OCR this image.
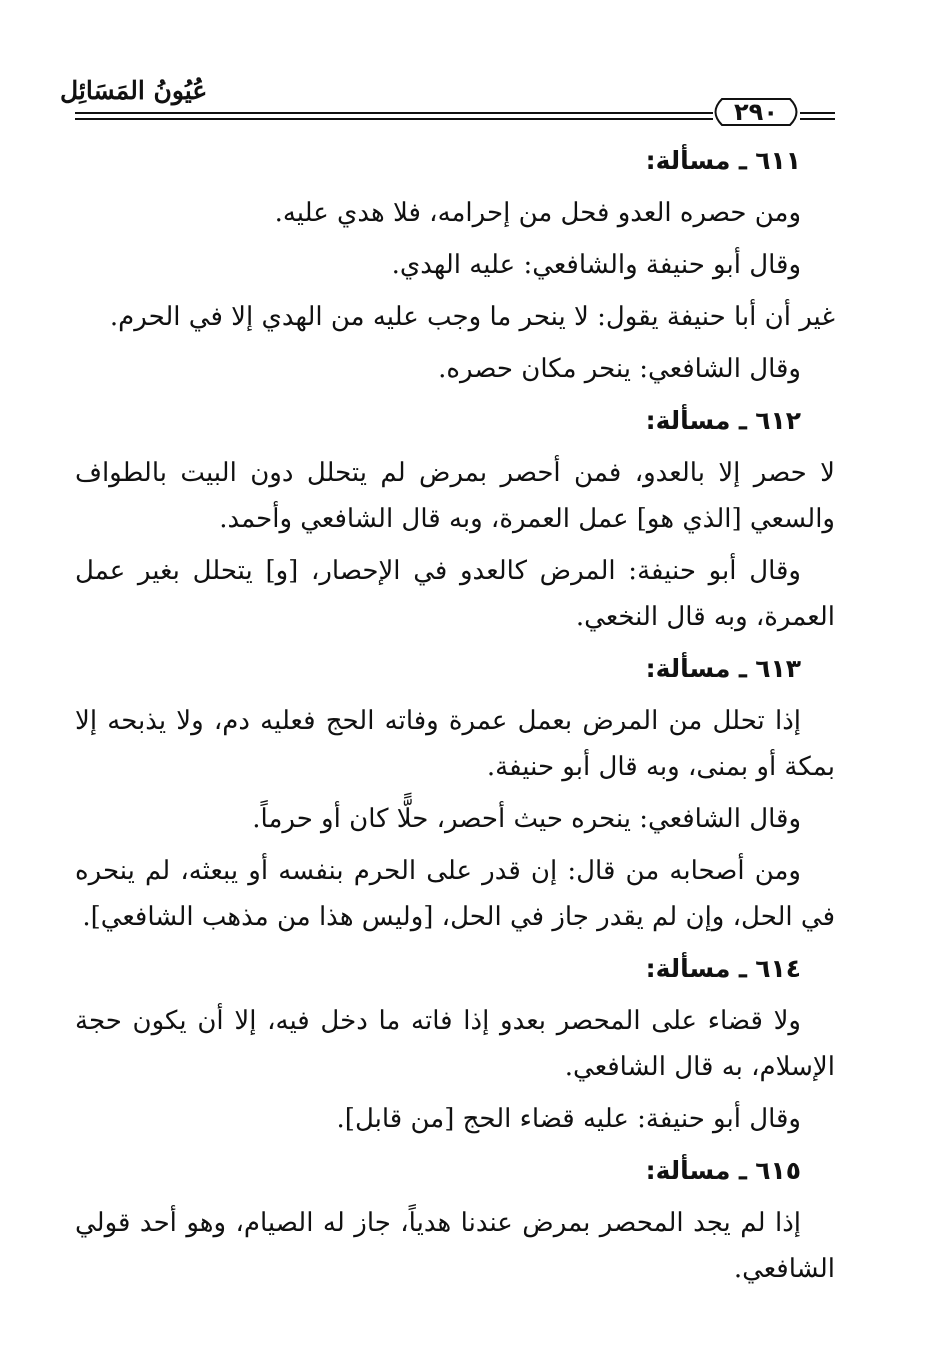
عُيُونُ المَسَائِل
٢٩٠
٦١١ ـ مسألة:

ومن حصره العدو فحل من إحرامه، فلا هدي عليه.

وقال أبو حنيفة والشافعي: عليه الهدي.

غير أن أبا حنيفة يقول: لا ينحر ما وجب عليه من الهدي إلا في الحرم.

وقال الشافعي: ينحر مكان حصره.

٦١٢ ـ مسألة:

لا حصر إلا بالعدو، فمن أحصر بمرض لم يتحلل دون البيت بالطواف والسعي [الذي هو] عمل العمرة، وبه قال الشافعي وأحمد.

وقال أبو حنيفة: المرض كالعدو في الإحصار، [و] يتحلل بغير عمل العمرة، وبه قال النخعي.

٦١٣ ـ مسألة:

إذا تحلل من المرض بعمل عمرة وفاته الحج فعليه دم، ولا يذبحه إلا بمكة أو بمنى، وبه قال أبو حنيفة.

وقال الشافعي: ينحره حيث أحصر، حلًّا كان أو حرماً.

ومن أصحابه من قال: إن قدر على الحرم بنفسه أو يبعثه، لم ينحره في الحل، وإن لم يقدر جاز في الحل، [وليس هذا من مذهب الشافعي].

٦١٤ ـ مسألة:

ولا قضاء على المحصر بعدو إذا فاته ما دخل فيه، إلا أن يكون حجة الإسلام، به قال الشافعي.

وقال أبو حنيفة: عليه قضاء الحج [من قابل].

٦١٥ ـ مسألة:

إذا لم يجد المحصر بمرض عندنا هدياً، جاز له الصيام، وهو أحد قولي الشافعي.
